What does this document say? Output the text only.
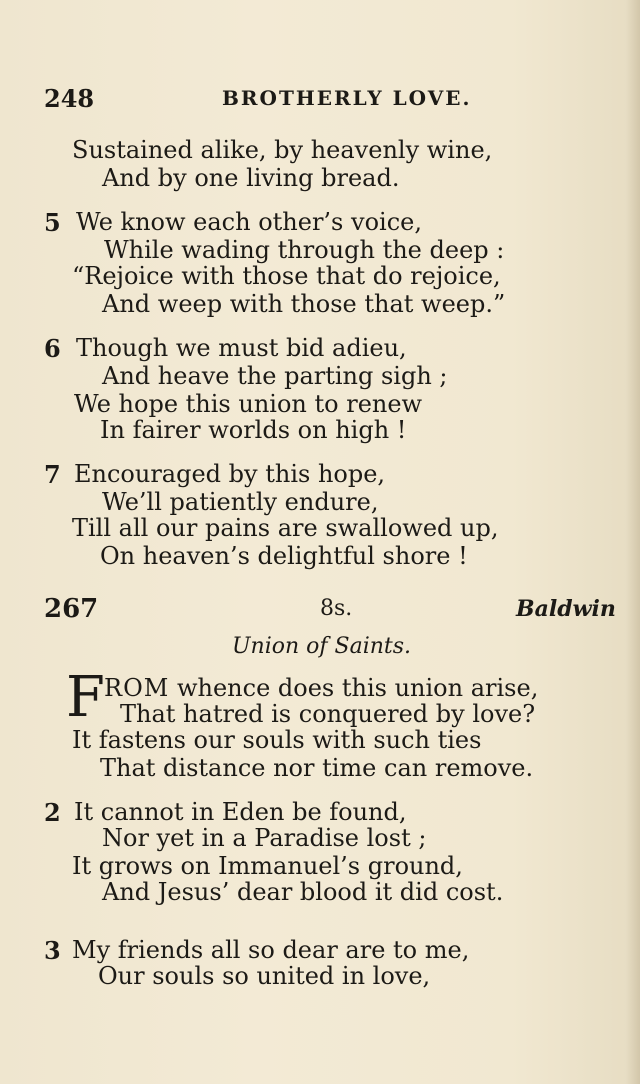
248	BROTHERLY LOVE.
Sustained alike, by heavenly wine,
And by one living bread.
5 We know each other’s voice,
While wading through the deep :
“Rejoice with those that do rejoice,
And weep with those that weep.”
6 Though we must bid adieu,
And heave the parting sigh ;
We hope this union to renew
In fairer worlds on high !
7 Encouraged by this hope,
We’ll patiently endure,
Till all our pains are swallowed up,
On heaven’s delightful shore !
267	8s.	Baldwin
Union of Saints.
F ROM whence does this union arise,
That hatred is conquered by love?
It fastens our souls with such ties
That distance nor time can remove.
2 It cannot in Eden be found,
Nor yet in a Paradise lost ;
It grows on Immanuel’s ground,
And Jesus’ dear blood it did cost.
3 My friends all so dear are to me,
Our souls so united in love,
